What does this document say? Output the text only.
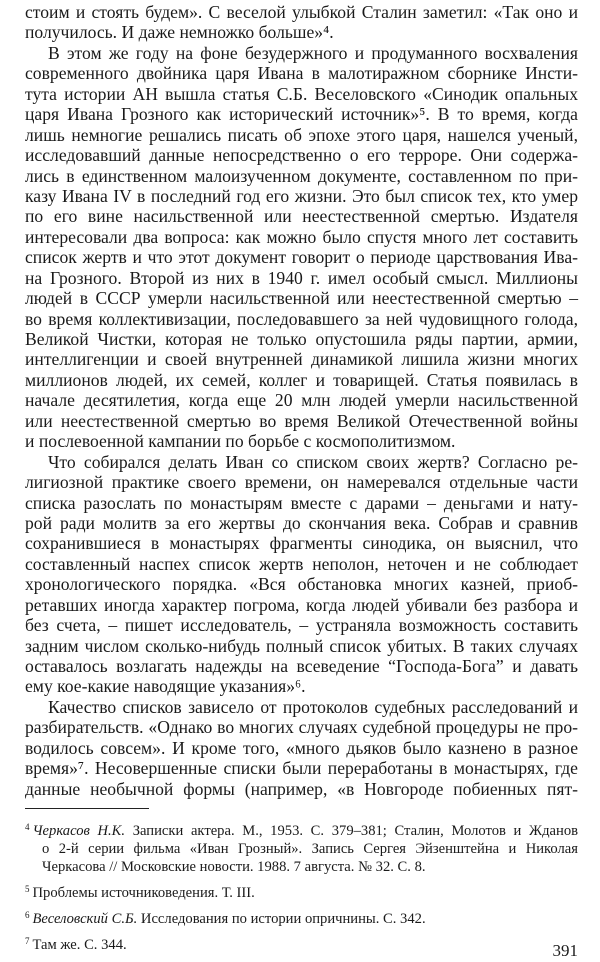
стоим и стоять будем». С веселой улыбкой Сталин заметил: «Так оно и
получилось. И даже немножко больше»⁴.
В этом же году на фоне безудержного и продуманного восхваления
современного двойника царя Ивана в малотиражном сборнике Инсти-
тута истории АН вышла статья С.Б. Веселовского «Синодик опальных
царя Ивана Грозного как исторический источник»⁵. В то время, когда
лишь немногие решались писать об эпохе этого царя, нашелся ученый,
исследовавший данные непосредственно о его терроре. Они содержа-
лись в единственном малоизученном документе, составленном по при-
казу Ивана IV в последний год его жизни. Это был список тех, кто умер
по его вине насильственной или неестественной смертью. Издателя
интересовали два вопроса: как можно было спустя много лет составить
список жертв и что этот документ говорит о периоде царствования Ива-
на Грозного. Второй из них в 1940 г. имел особый смысл. Миллионы
людей в СССР умерли насильственной или неестественной смертью –
во время коллективизации, последовавшего за ней чудовищного голода,
Великой Чистки, которая не только опустошила ряды партии, армии,
интеллигенции и своей внутренней динамикой лишила жизни многих
миллионов людей, их семей, коллег и товарищей. Статья появилась в
начале десятилетия, когда еще 20 млн людей умерли насильственной
или неестественной смертью во время Великой Отечественной войны
и послевоенной кампании по борьбе с космополитизмом.
Что собирался делать Иван со списком своих жертв? Согласно ре-
лигиозной практике своего времени, он намеревался отдельные части
списка разослать по монастырям вместе с дарами – деньгами и нату-
рой ради молитв за его жертвы до скончания века. Собрав и сравнив
сохранившиеся в монастырях фрагменты синодика, он выяснил, что
составленный наспех список жертв неполон, неточен и не соблюдает
хронологического порядка. «Вся обстановка многих казней, приоб-
ретавших иногда характер погрома, когда людей убивали без разбора и
без счета, – пишет исследователь, – устраняла возможность составить
задним числом сколько-нибудь полный список убитых. В таких случаях
оставалось возлагать надежды на всеведение “Господа-Бога” и давать
ему кое-какие наводящие указания»⁶.
Качество списков зависело от протоколов судебных расследований и
разбирательств. «Однако во многих случаях судебной процедуры не про-
водилось совсем». И кроме того, «много дьяков было казнено в разное
время»⁷. Несовершенные списки были переработаны в монастырях, где
данные необычной формы (например, «в Новгороде побиенных пят-
$^4$ Черкасов Н.К. Записки актера. М., 1953. С. 379–381; Сталин, Молотов и Жданов
о 2-й серии фильма «Иван Грозный». Запись Сергея Эйзенштейна и Николая
Черкасова // Московские новости. 1988. 7 августа. № 32. С. 8.
$^5$ Проблемы источниковедения. Т. III.
$^6$ Веселовский С.Б. Исследования по истории опричнины. С. 342.
$^7$ Там же. С. 344.	391
